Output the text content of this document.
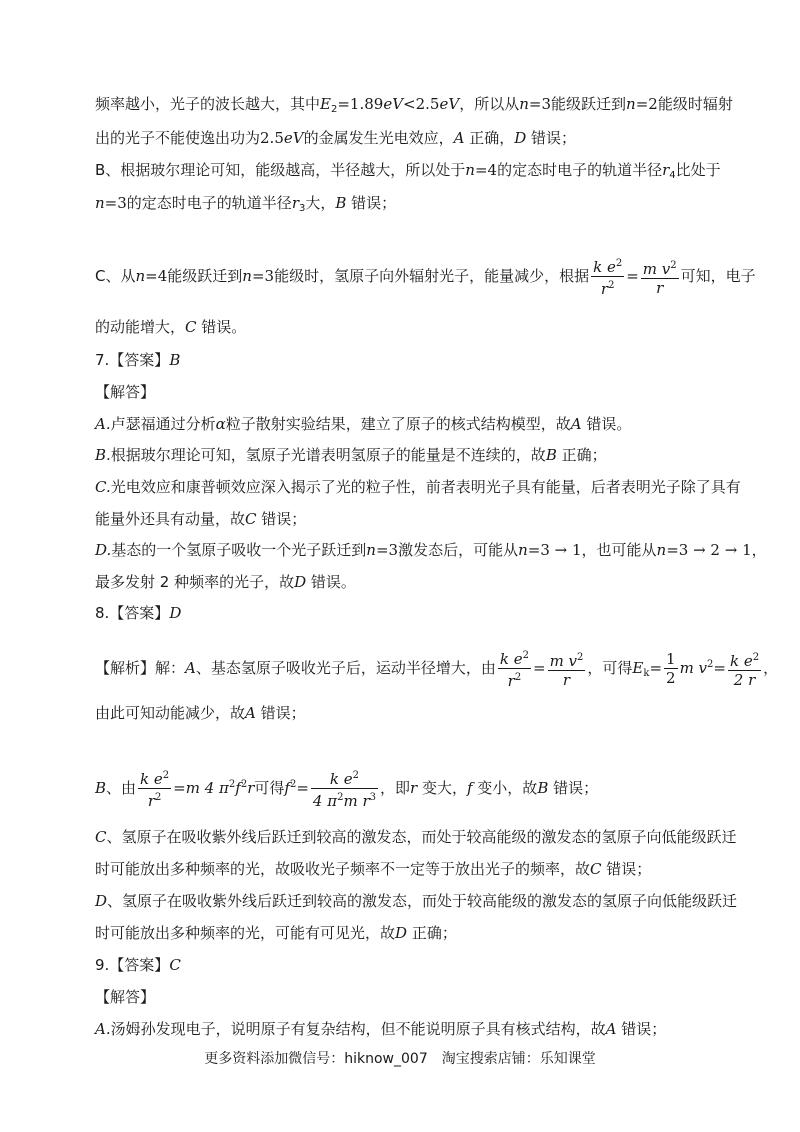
频率越小，光子的波长越大，其中$E_2=1.89eV<2.5eV$，所以从n=3能级跃迁到n=2能级时辐射
出的光子不能使逸出功为2.5eV的金属发生光电效应，A 正确，D 错误；
B、根据玻尔理论可知，能级越高，半径越大，所以处于n=4的定态时电子的轨道半径$r_4$比处于
n=3的定态时电子的轨道半径$r_3$大，B 错误；
C、从n=4能级跃迁到n=3能级时，氢原子向外辐射光子，能量减少，根据 $\frac{k e^2}{r^2} = \frac{m v^2}{r}$ 可知，电子
的动能增大，C 错误。
7.【答案】B
【解答】
A.卢瑟福通过分析α粒子散射实验结果，建立了原子的核式结构模型，故A 错误。
B.根据玻尔理论可知，氢原子光谱表明氢原子的能量是不连续的，故B 正确；
C.光电效应和康普顿效应深入揭示了光的粒子性，前者表明光子具有能量，后者表明光子除了具有
能量外还具有动量，故C 错误；
D.基态的一个氢原子吸收一个光子跃迁到n=3激发态后，可能从n=3 → 1，也可能从n=3 → 2 → 1，
最多发射 2 种频率的光子，故D 错误。
8.【答案】D
【解析】解：A、基态氢原子吸收光子后，运动半径增大，由 $\frac{k e^2}{r^2} = \frac{m v^2}{r}$ ，可得$E_k= \frac{1}{2}$ m $v^2= \frac{k e^2}{2 r}$ ，
由此可知动能减少，故A 错误；
B、由 $\frac{k e^2}{r^2} =m$ 4 $\pi^2f^2r$可得$f^2= \frac{k e^2}{4 \pi^2m r^3}$ ，即r 变大，f 变小，故B 错误；
C、氢原子在吸收紫外线后跃迁到较高的激发态，而处于较高能级的激发态的氢原子向低能级跃迁
时可能放出多种频率的光，故吸收光子频率不一定等于放出光子的频率，故C 错误；
D、氢原子在吸收紫外线后跃迁到较高的激发态，而处于较高能级的激发态的氢原子向低能级跃迁
时可能放出多种频率的光，可能有可见光，故D 正确；
9.【答案】C
【解答】
A.汤姆孙发现电子，说明原子有复杂结构，但不能说明原子具有核式结构，故A 错误；
更多资料添加微信号：hiknow_007　淘宝搜索店铺：乐知课堂
